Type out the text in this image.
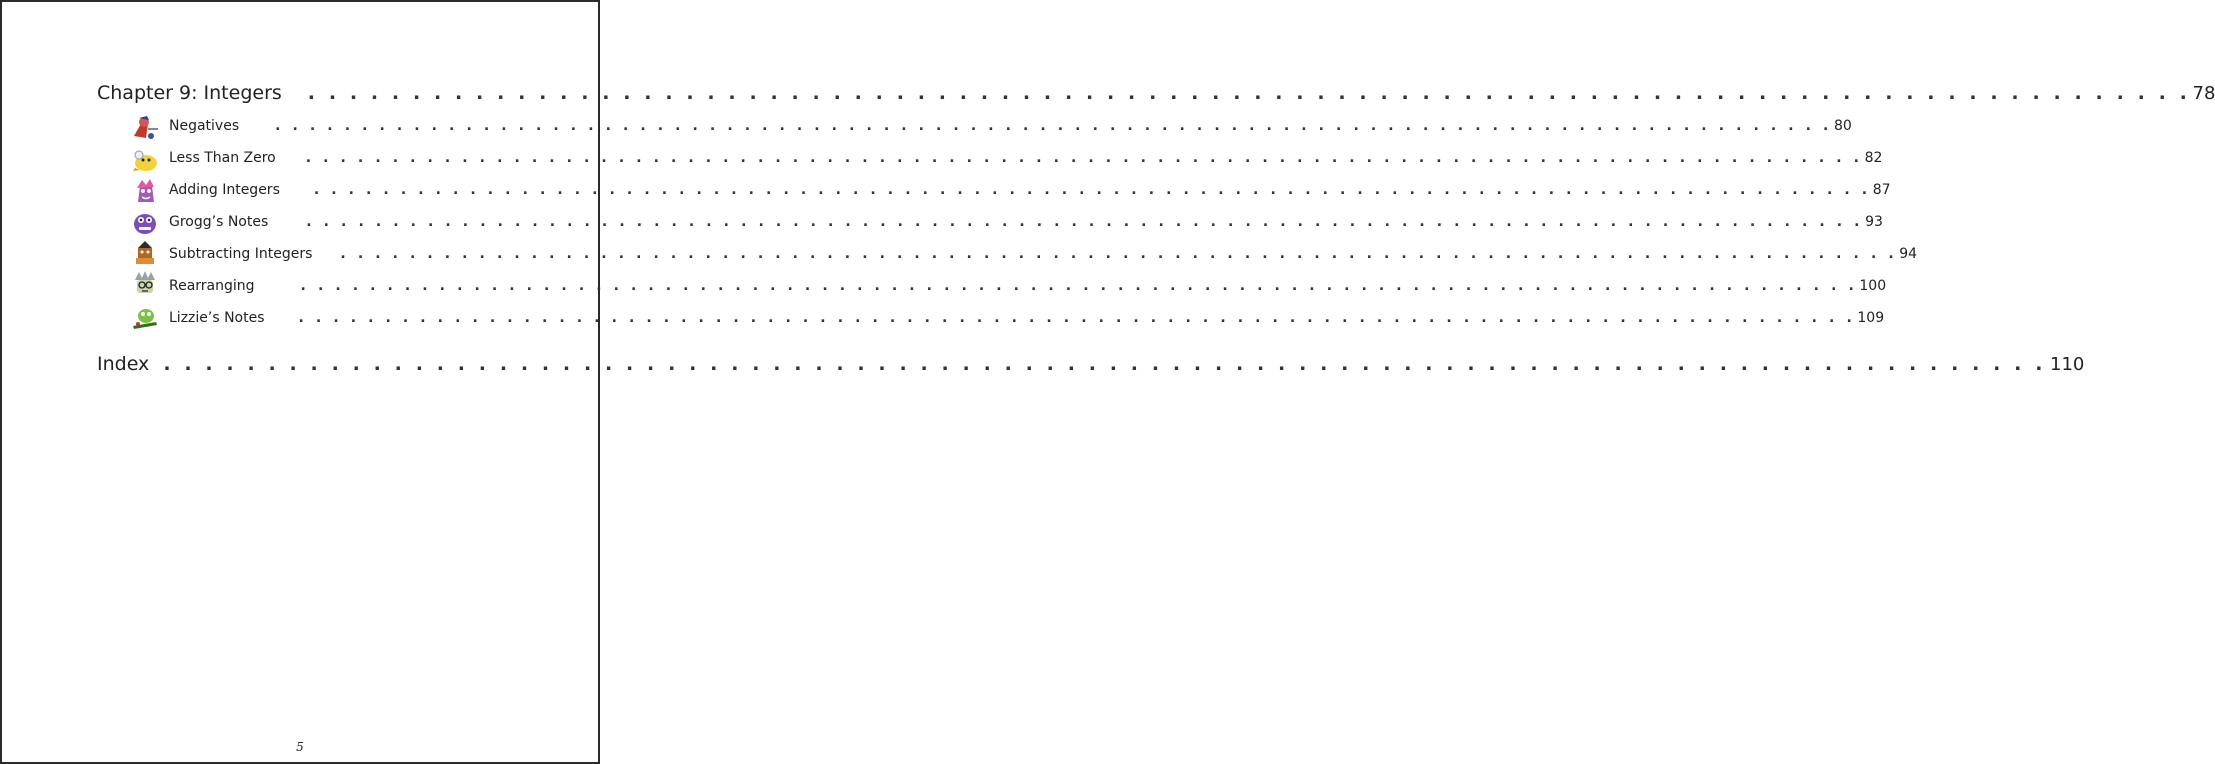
Chapter 9: Integers . . . . . . . . . . . . . . . . . . . . . . . . . . . . . . . . . . . . . . . . . . . . . . . . . . . . . . . . . . . . . . . . . . . . . . . . . . . . . . . . . . . . . . . . . . 78
Negatives	. . . . . . . . . . . . . . . . . . . . . . . . . . . . . . . . . . . . . . . . . . . . . . . . . . . . . . . . . . . . . . . . . . . . . . . . . . . . . . . . . . . . . . . . . . 80
Less Than Zero . . . . . . . . . . . . . . . . . . . . . . . . . . . . . . . . . . . . . . . . . . . . . . . . . . . . . . . . . . . . . . . . . . . . . . . . . . . . . . . . . . . . . . . . . . 82
Adding Integers . . . . . . . . . . . . . . . . . . . . . . . . . . . . . . . . . . . . . . . . . . . . . . . . . . . . . . . . . . . . . . . . . . . . . . . . . . . . . . . . . . . . . . . . . . 87
Grogg’s Notes	. . . . . . . . . . . . . . . . . . . . . . . . . . . . . . . . . . . . . . . . . . . . . . . . . . . . . . . . . . . . . . . . . . . . . . . . . . . . . . . . . . . . . . . . . . 93
Subtracting Integers . . . . . . . . . . . . . . . . . . . . . . . . . . . . . . . . . . . . . . . . . . . . . . . . . . . . . . . . . . . . . . . . . . . . . . . . . . . . . . . . . . . . . . . . . . 94
Rearranging	. . . . . . . . . . . . . . . . . . . . . . . . . . . . . . . . . . . . . . . . . . . . . . . . . . . . . . . . . . . . . . . . . . . . . . . . . . . . . . . . . . . . . . . . . . 100
Lizzie’s Notes . . . . . . . . . . . . . . . . . . . . . . . . . . . . . . . . . . . . . . . . . . . . . . . . . . . . . . . . . . . . . . . . . . . . . . . . . . . . . . . . . . . . . . . . . . 109
Index . . . . . . . . . . . . . . . . . . . . . . . . . . . . . . . . . . . . . . . . . . . . . . . . . . . . . . . . . . . . . . . . . . . . . . . . . . . . . . . . . . . . . . . . . . 110
5
